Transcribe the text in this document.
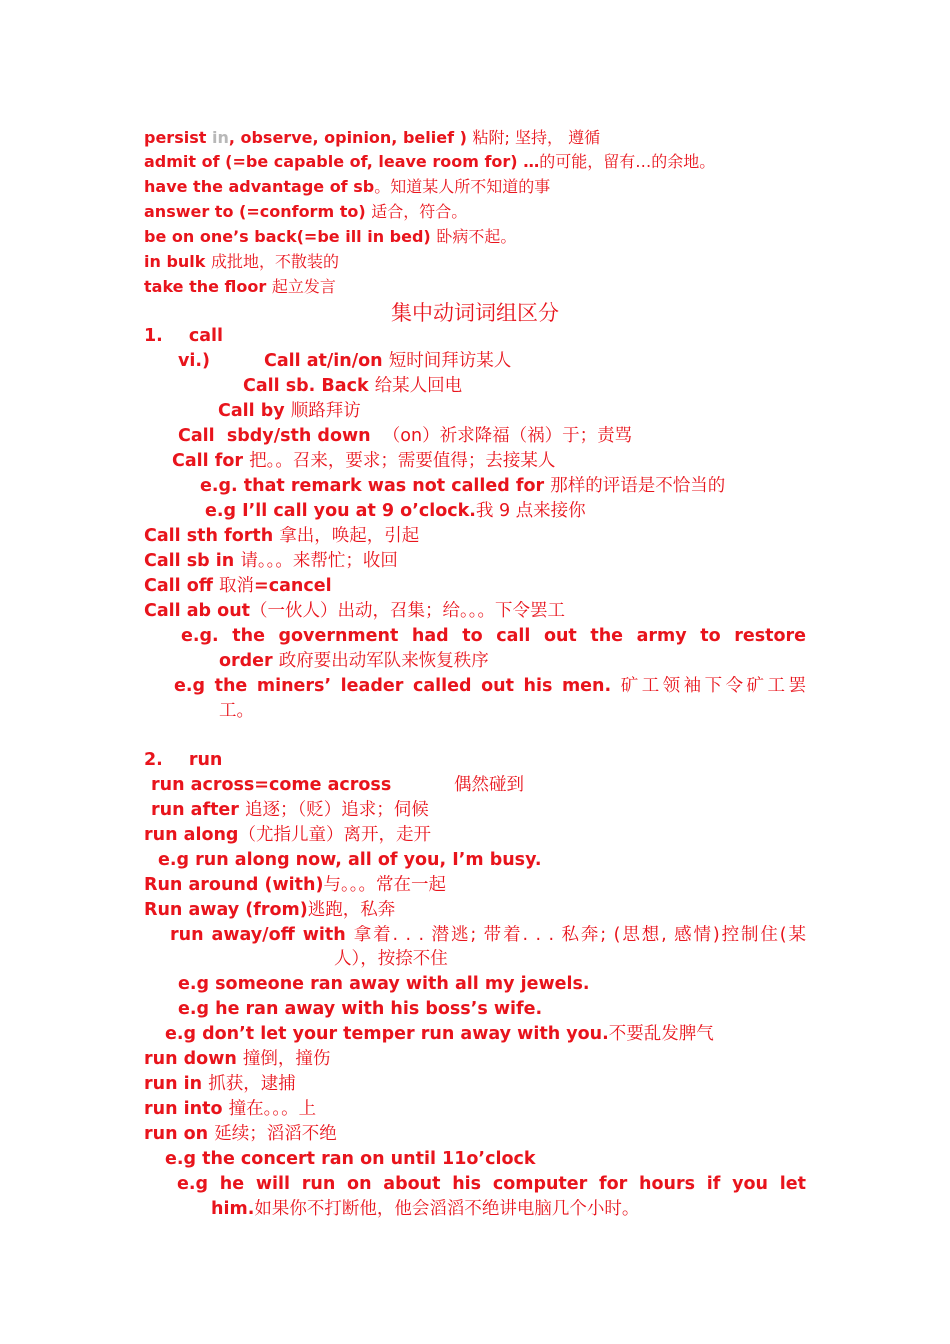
persist in, observe, opinion, belief ) 粘附; 坚持， 遵循
admit of (=be capable of, leave room for) …的可能，留有…的余地。
have the advantage of sb。知道某人所不知道的事
answer to (=conform to) 适合，符合。
be on one’s back(=be ill in bed) 卧病不起。
in bulk 成批地，不散装的
take the floor 起立发言
集中动词词组区分
1. call
vi.)	Call at/in/on 短时间拜访某人
Call sb. Back 给某人回电
Call by 顺路拜访
Call  sbdy/sth down  （on）祈求降福（祸）于；责骂
Call for 把。。召来，要求；需要值得；去接某人
e.g. that remark was not called for 那样的评语是不恰当的
e.g I’ll call you at 9 o’clock.我 9 点来接你
Call sth forth 拿出，唤起，引起
Call sb in 请。。。来帮忙；收回
Call off 取消=cancel
Call ab out（一伙人）出动，召集；给。。。下令罢工
e.g. the government had to call out the army to restore
order 政府要出动军队来恢复秩序
e.g the miners’ leader called out his men. 矿工领袖下令矿工罢
工。
2. run
run across=come across	偶然碰到
run after 追逐；（贬）追求；伺候
run along（尤指儿童）离开，走开
e.g run along now, all of you, I’m busy.
Run around (with)与。。。常在一起
Run away (from)逃跑，私奔
run away/off with 拿着. . . 潜逃; 带着. . . 私奔; (思想, 感情)控制住(某
人），按捺不住
e.g someone ran away with all my jewels.
e.g he ran away with his boss’s wife.
e.g don’t let your temper run away with you.不要乱发脾气
run down 撞倒，撞伤
run in 抓获，逮捕
run into 撞在。。。上
run on 延续；滔滔不绝
e.g the concert ran on until 11o’clock
e.g he will run on about his computer for hours if you let
him.如果你不打断他，他会滔滔不绝讲电脑几个小时。
